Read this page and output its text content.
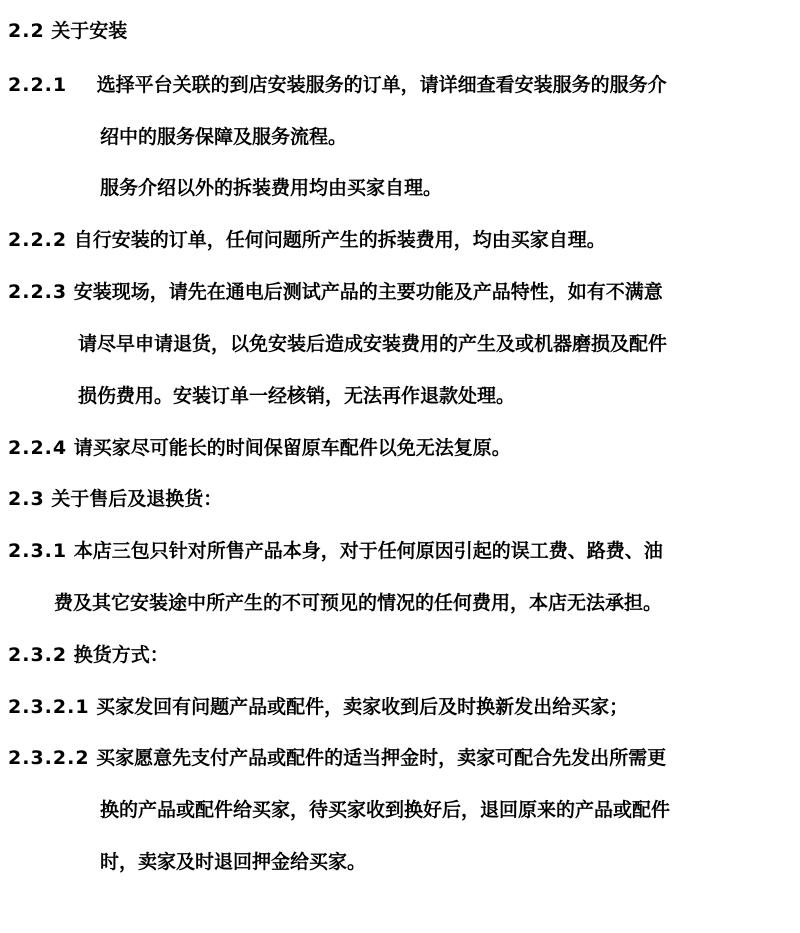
2.2 关于安装
2.2.1 选择平台关联的到店安装服务的订单，请详细查看安装服务的服务介
绍中的服务保障及服务流程。
服务介绍以外的拆装费用均由买家自理。
2.2.2 自行安装的订单，任何问题所产生的拆装费用，均由买家自理。
2.2.3 安装现场，请先在通电后测试产品的主要功能及产品特性，如有不满意
请尽早申请退货，以免安装后造成安装费用的产生及或机器磨损及配件
损伤费用。安装订单一经核销，无法再作退款处理。
2.2.4 请买家尽可能长的时间保留原车配件以免无法复原。
2.3 关于售后及退换货：
2.3.1 本店三包只针对所售产品本身，对于任何原因引起的误工费、路费、油
费及其它安装途中所产生的不可预见的情况的任何费用，本店无法承担。
2.3.2 换货方式：
2.3.2.1 买家发回有问题产品或配件，卖家收到后及时换新发出给买家；
2.3.2.2 买家愿意先支付产品或配件的适当押金时，卖家可配合先发出所需更
换的产品或配件给买家，待买家收到换好后，退回原来的产品或配件
时，卖家及时退回押金给买家。
